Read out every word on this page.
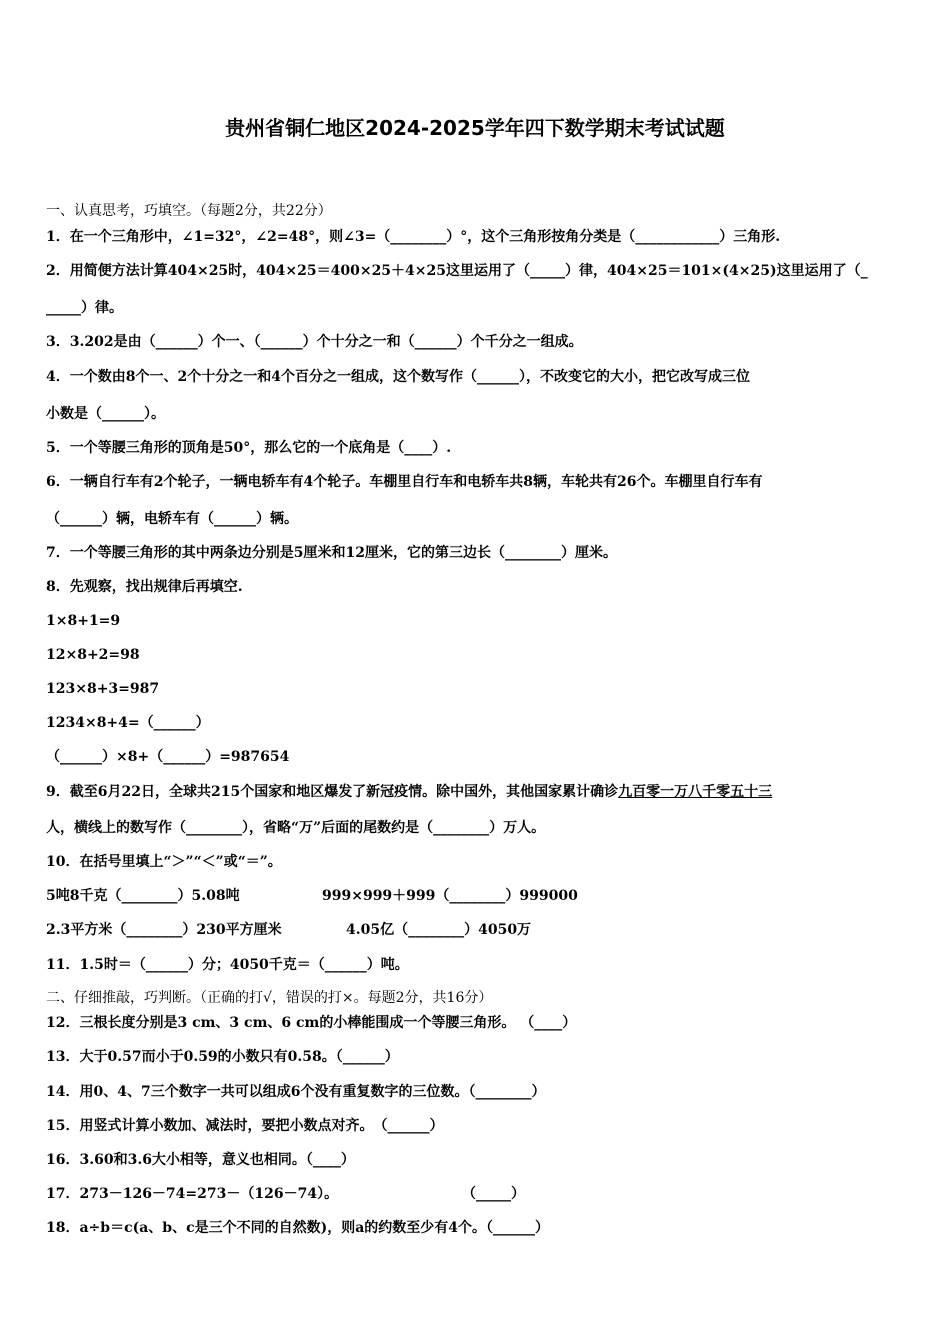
贵州省铜仁地区2024-2025学年四下数学期末考试试题
一、认真思考，巧填空。（每题2分，共22分）
1．在一个三角形中，∠1=32°，∠2=48°，则∠3=（________）°，这个三角形按角分类是（____________）三角形.
2．用简便方法计算404×25时，404×25＝400×25＋4×25这里运用了（_____）律，404×25＝101×(4×25)这里运用了（_
_____）律。
3．3.202是由（______）个一、（______）个十分之一和（______）个千分之一组成。
4．一个数由8个一、2个十分之一和4个百分之一组成，这个数写作（______），不改变它的大小，把它改写成三位
小数是（______）。
5．一个等腰三角形的顶角是50°，那么它的一个底角是（____）.
6．一辆自行车有2个轮子，一辆电轿车有4个轮子。车棚里自行车和电轿车共8辆，车轮共有26个。车棚里自行车有
（______）辆，电轿车有（______）辆。
7．一个等腰三角形的其中两条边分别是5厘米和12厘米，它的第三边长（________）厘米。
8．先观察，找出规律后再填空.
1×8+1=9
12×8+2=98
123×8+3=987
1234×8+4=（______）
（______）×8+（______）=987654
9．截至6月22日，全球共215个国家和地区爆发了新冠疫情。除中国外，其他国家累计确诊九百零一万八千零五十三
人，横线上的数写作（________），省略“万”后面的尾数约是（________）万人。
10．在括号里填上“＞”“＜”或“＝”。
5吨8千克（________）5.08吨	999×999＋999（________）999000
2.3平方米（________）230平方厘米	4.05亿（________）4050万
11．1.5时＝（______）分；4050千克＝（______）吨。
二、仔细推敲，巧判断。（正确的打√，错误的打×。每题2分，共16分）
12．三根长度分别是3 cm、3 cm、6 cm的小棒能围成一个等腰三角形。 （____）
13．大于0.57而小于0.59的小数只有0.58。（______）
14．用0、4、7三个数字一共可以组成6个没有重复数字的三位数。（________）
15．用竖式计算小数加、减法时，要把小数点对齐。　（______）
16．3.60和3.6大小相等，意义也相同。（____）
17．273－126－74=273－（126－74）。	（_____）
18．a÷b＝c(a、b、c是三个不同的自然数)，则a的约数至少有4个。（______）
